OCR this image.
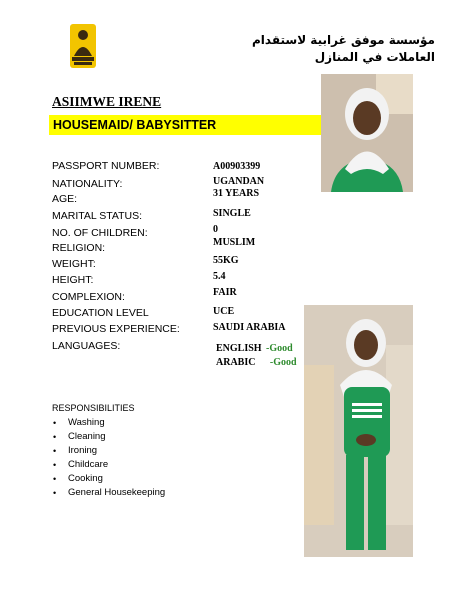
مؤسسة موفق غرابية لاستقدام العاملات في المنازل
ASIIMWE IRENE
HOUSEMAID/ BABYSITTER
PASSPORT NUMBER:	A00903399
NATIONALITY:	UGANDAN
AGE:	31 YEARS
MARITAL STATUS:	SINGLE
NO. OF CHILDREN:	0
RELIGION:	MUSLIM
WEIGHT:	55KG
HEIGHT:	5.4
COMPLEXION:	FAIR
EDUCATION LEVEL	UCE
PREVIOUS EXPERIENCE:	SAUDI ARABIA
LANGUAGES:	ENGLISH -Good
ARABIC -Good
RESPONSIBILITIES
• Washing
• Cleaning
• Ironing
• Childcare
• Cooking
• General Housekeeping
